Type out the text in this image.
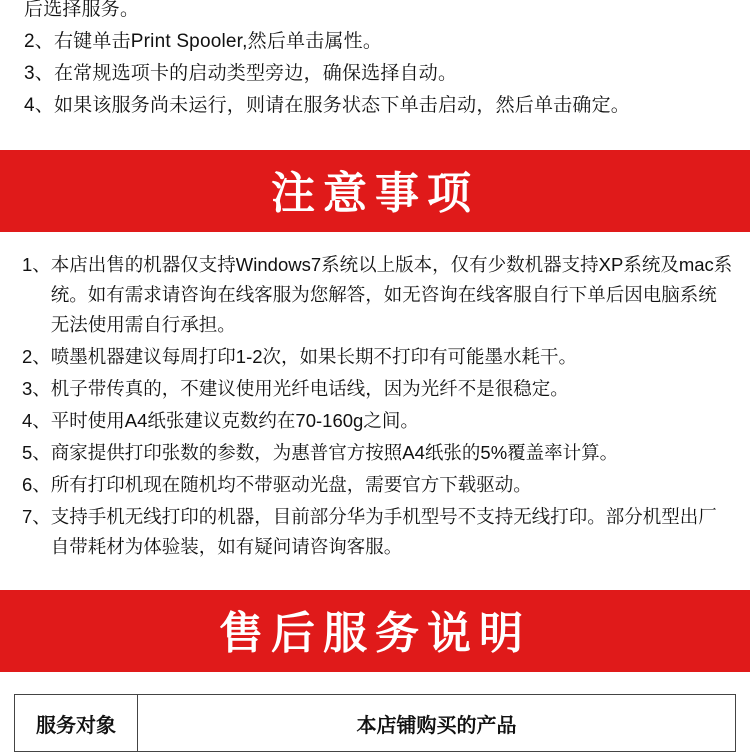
后选择服务。
2、右键单击Print Spooler,然后单击属性。
3、在常规选项卡的启动类型旁边，确保选择自动。
4、如果该服务尚未运行，则请在服务状态下单击启动，然后单击确定。
注意事项
1、 本店出售的机器仅支持Windows7系统以上版本，仅有少数机器支持XP系统及mac系统。如有需求请咨询在线客服为您解答，如无咨询在线客服自行下单后因电脑系统无法使用需自行承担。
2、 喷墨机器建议每周打印1-2次，如果长期不打印有可能墨水耗干。
3、 机子带传真的，不建议使用光纤电话线，因为光纤不是很稳定。
4、 平时使用A4纸张建议克数约在70-160g之间。
5、 商家提供打印张数的参数，为惠普官方按照A4纸张的5%覆盖率计算。
6、 所有打印机现在随机均不带驱动光盘，需要官方下载驱动。
7、 支持手机无线打印的机器，目前部分华为手机型号不支持无线打印。部分机型出厂自带耗材为体验装，如有疑问请咨询客服。
售后服务说明
服务对象	本店铺购买的产品
